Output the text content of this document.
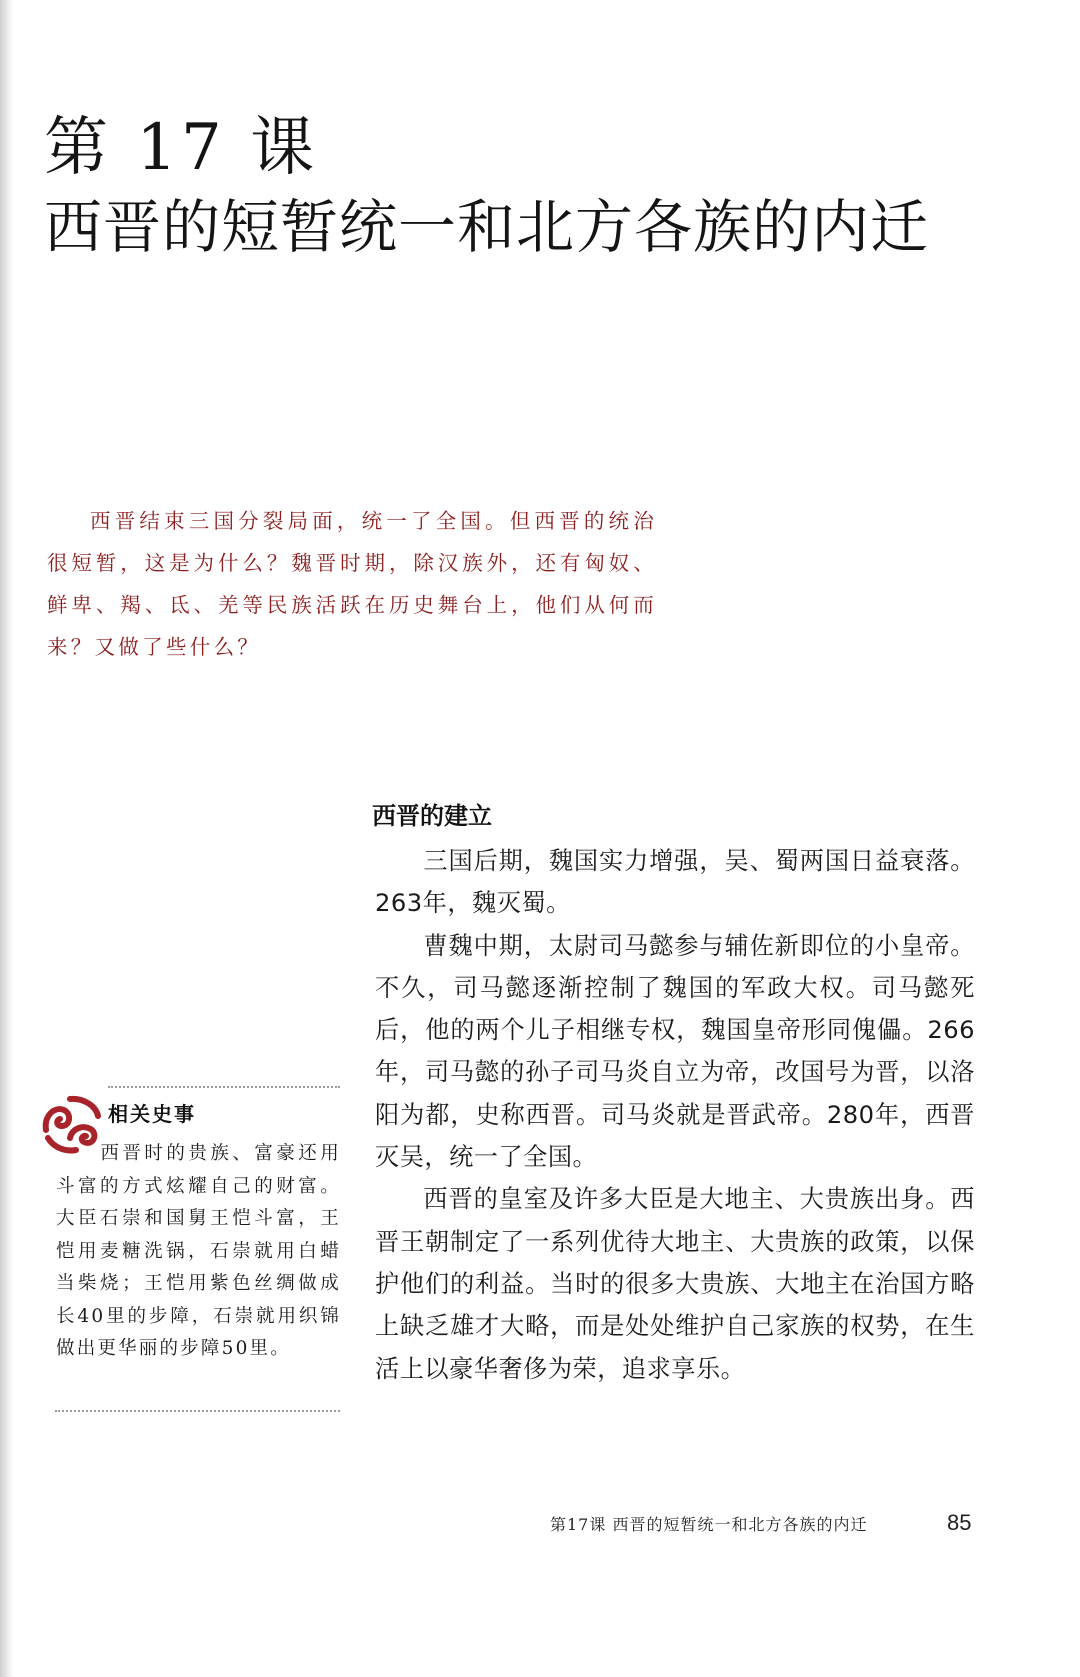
第 17 课
西晋的短暂统一和北方各族的内迁

西晋结束三国分裂局面，统一了全国。但西晋的统治很短暂，这是为什么？魏晋时期，除汉族外，还有匈奴、鲜卑、羯、氐、羌等民族活跃在历史舞台上，他们从何而来？又做了些什么？

西晋的建立

三国后期，魏国实力增强，吴、蜀两国日益衰落。263年，魏灭蜀。

曹魏中期，太尉司马懿参与辅佐新即位的小皇帝。不久，司马懿逐渐控制了魏国的军政大权。司马懿死后，他的两个儿子相继专权，魏国皇帝形同傀儡。266年，司马懿的孙子司马炎自立为帝，改国号为晋，以洛阳为都，史称西晋。司马炎就是晋武帝。280年，西晋灭吴，统一了全国。

西晋的皇室及许多大臣是大地主、大贵族出身。西晋王朝制定了一系列优待大地主、大贵族的政策，以保护他们的利益。当时的很多大贵族、大地主在治国方略上缺乏雄才大略，而是处处维护自己家族的权势，在生活上以豪华奢侈为荣，追求享乐。

相关史事

西晋时的贵族、富豪还用斗富的方式炫耀自己的财富。大臣石崇和国舅王恺斗富，王恺用麦糖洗锅，石崇就用白蜡当柴烧；王恺用紫色丝绸做成长40里的步障，石崇就用织锦做出更华丽的步障50里。

第17课 西晋的短暂统一和北方各族的内迁	85
